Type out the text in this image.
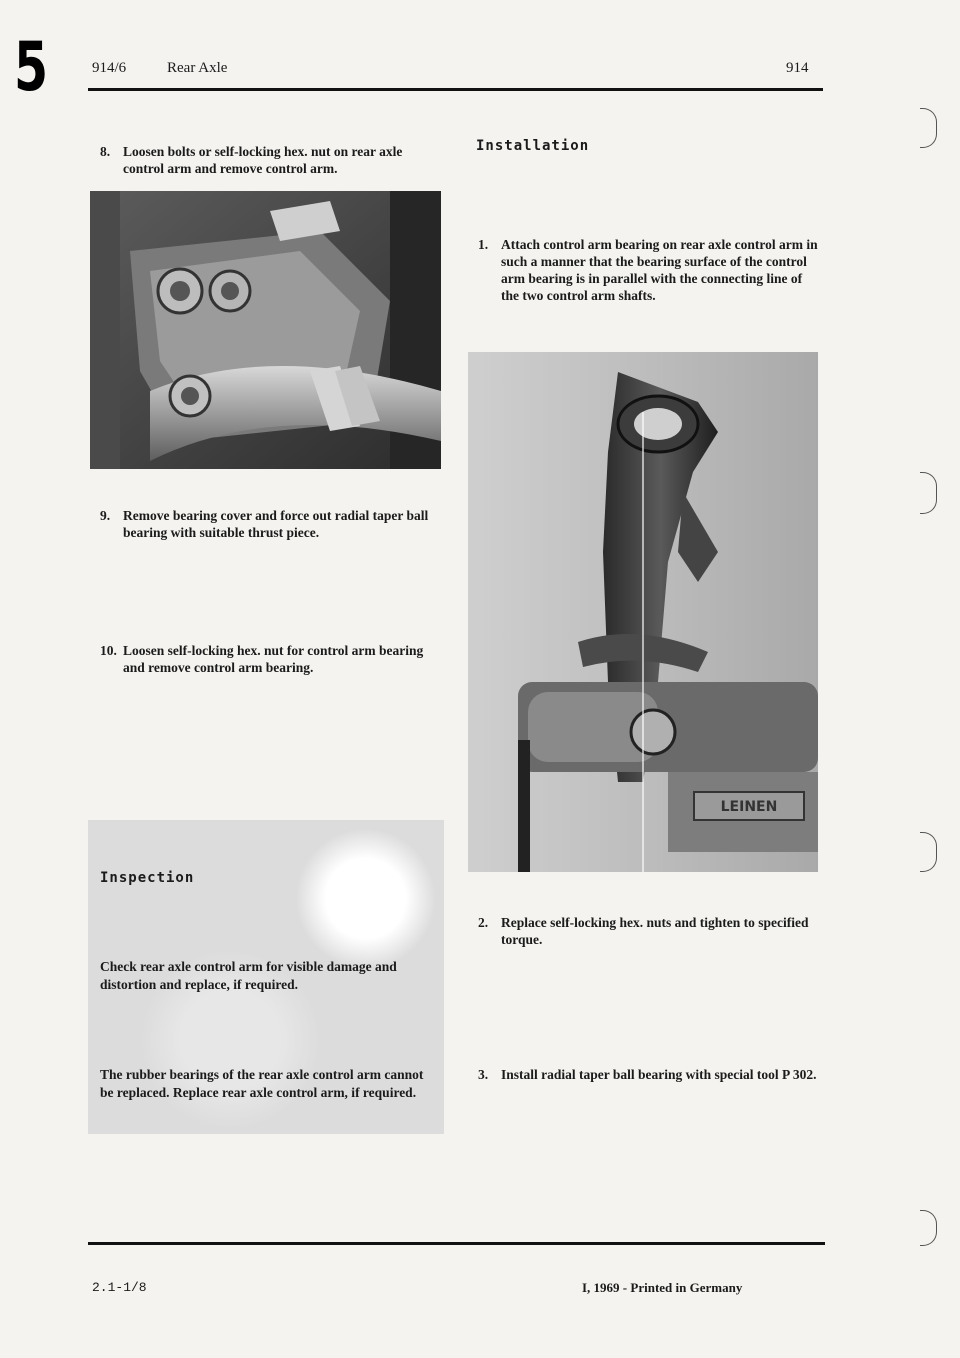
5	914/6	Rear Axle	914
8. Loosen bolts or self-locking hex. nut on rear axle control arm and remove control arm.
9. Remove bearing cover and force out radial taper ball bearing with suitable thrust piece.
10. Loosen self-locking hex. nut for control arm bearing and remove control arm bearing.
Inspection
Check rear axle control arm for visible damage and distortion and replace, if required.
The rubber bearings of the rear axle control arm cannot be replaced. Replace rear axle control arm, if required.
Installation
1. Attach control arm bearing on rear axle control arm in such a manner that the bearing surface of the control arm bearing is in parallel with the connecting line of the two control arm shafts.
LEINEN
2. Replace self-locking hex. nuts and tighten to specified torque.
3. Install radial taper ball bearing with special tool P 302.
2.1-1/8	I, 1969 - Printed in Germany
